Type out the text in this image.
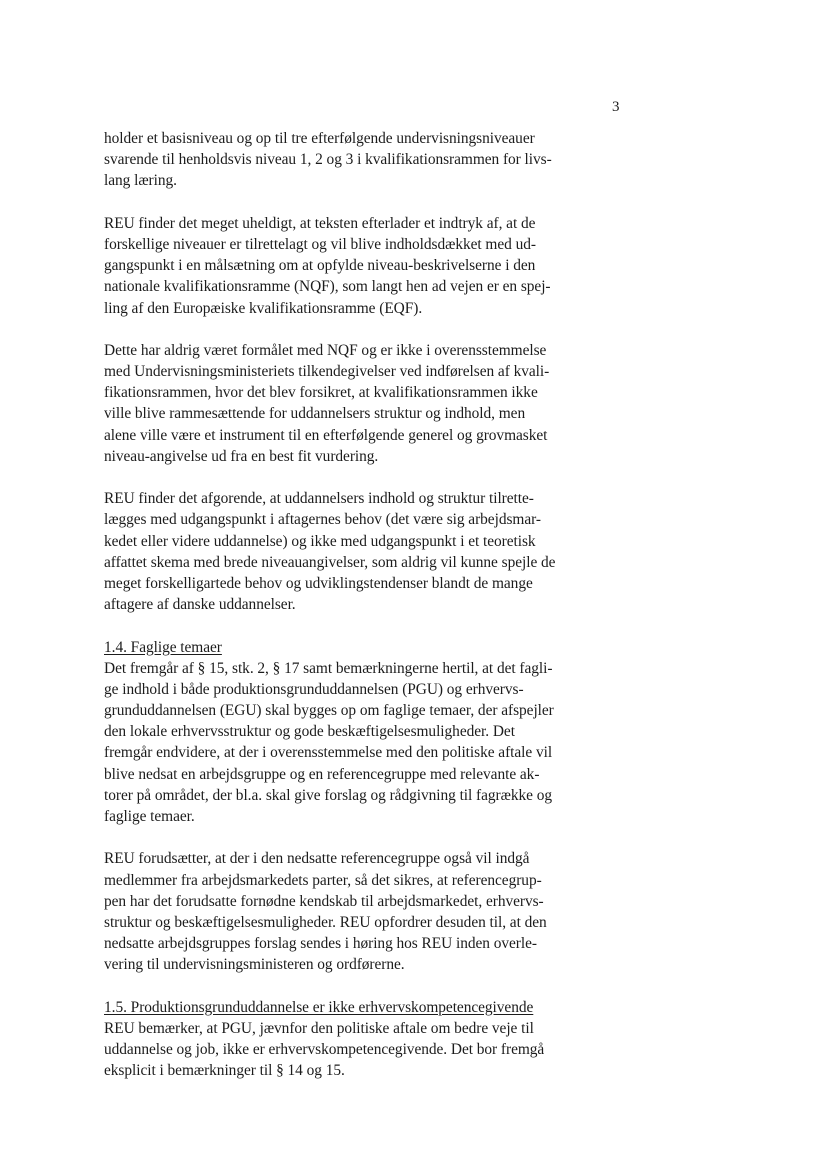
3
holder et basisniveau og op til tre efterfølgende undervisningsniveauer
svarende til henholdsvis niveau 1, 2 og 3 i kvalifikationsrammen for livs-
lang læring.
REU finder det meget uheldigt, at teksten efterlader et indtryk af, at de
forskellige niveauer er tilrettelagt og vil blive indholdsdækket med ud-
gangspunkt i en målsætning om at opfylde niveau-beskrivelserne i den
nationale kvalifikationsramme (NQF), som langt hen ad vejen er en spej-
ling af den Europæiske kvalifikationsramme (EQF).
Dette har aldrig været formålet med NQF og er ikke i overensstemmelse
med Undervisningsministeriets tilkendegivelser ved indførelsen af kvali-
fikationsrammen, hvor det blev forsikret, at kvalifikationsrammen ikke
ville blive rammesættende for uddannelsers struktur og indhold, men
alene ville være et instrument til en efterfølgende generel og grovmasket
niveau-angivelse ud fra en best fit vurdering.
REU finder det afgorende, at uddannelsers indhold og struktur tilrette-
lægges med udgangspunkt i aftagernes behov (det være sig arbejdsmar-
kedet eller videre uddannelse) og ikke med udgangspunkt i et teoretisk
affattet skema med brede niveauangivelser, som aldrig vil kunne spejle de
meget forskelligartede behov og udviklingstendenser blandt de mange
aftagere af danske uddannelser.
1.4. Faglige temaer
Det fremgår af § 15, stk. 2, § 17 samt bemærkningerne hertil, at det fagli-
ge indhold i både produktionsgrunduddannelsen (PGU) og erhvervs-
grunduddannelsen (EGU) skal bygges op om faglige temaer, der afspejler
den lokale erhvervsstruktur og gode beskæftigelsesmuligheder. Det
fremgår endvidere, at der i overensstemmelse med den politiske aftale vil
blive nedsat en arbejdsgruppe og en referencegruppe med relevante ak-
torer på området, der bl.a. skal give forslag og rådgivning til fagrække og
faglige temaer.
REU forudsætter, at der i den nedsatte referencegruppe også vil indgå
medlemmer fra arbejdsmarkedets parter, så det sikres, at referencegrup-
pen har det forudsatte fornødne kendskab til arbejdsmarkedet, erhvervs-
struktur og beskæftigelsesmuligheder. REU opfordrer desuden til, at den
nedsatte arbejdsgruppes forslag sendes i høring hos REU inden overle-
vering til undervisningsministeren og ordførerne.
1.5. Produktionsgrunduddannelse er ikke erhvervskompetencegivende
REU bemærker, at PGU, jævnfor den politiske aftale om bedre veje til
uddannelse og job, ikke er erhvervskompetencegivende. Det bor fremgå
eksplicit i bemærkninger til § 14 og 15.
